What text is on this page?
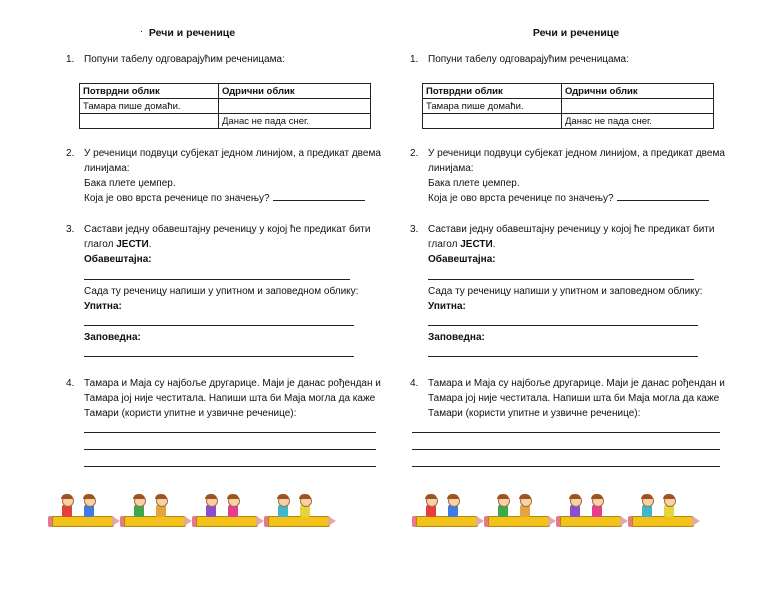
. Речи и реченице
1. Попуни табелу одговарајућим реченицама:
Потврдни облик	Одрични облик
Тамара пише домаћи.	
	Данас не пада снег.
2. У реченици подвуци субјекат једном линијом, а предикат двема
линијама:
Бака плете џемпер.
Која је ово врста реченице по значењу?
3. Састави једну обавештајну реченицу у којој ће предикат бити
глагол ЈЕСТИ.
Обавештајна:
Сада ту реченицу напиши у упитном и заповедном облику:
Упитна:
Заповедна:
4. Тамара и Маја су најбоље другарице. Маји је данас рођендан и
Тамара јој није честитала. Напиши шта би Маја могла да каже
Тамари (користи упитне и узвичне реченице):
Речи и реченице
1. Попуни табелу одговарајућим реченицама:
Потврдни облик	Одрични облик
Тамара пише домаћи.	
	Данас не пада снег.
2. У реченици подвуци субјекат једном линијом, а предикат двема
линијама:
Бака плете џемпер.
Која је ово врста реченице по значењу?
3. Састави једну обавештајну реченицу у којој ће предикат бити
глагол ЈЕСТИ.
Обавештајна:
Сада ту реченицу напиши у упитном и заповедном облику:
Упитна:
Заповедна:
4. Тамара и Маја су најбоље другарице. Маји је данас рођендан и
Тамара јој није честитала. Напиши шта би Маја могла да каже
Тамари (користи упитне и узвичне реченице):
